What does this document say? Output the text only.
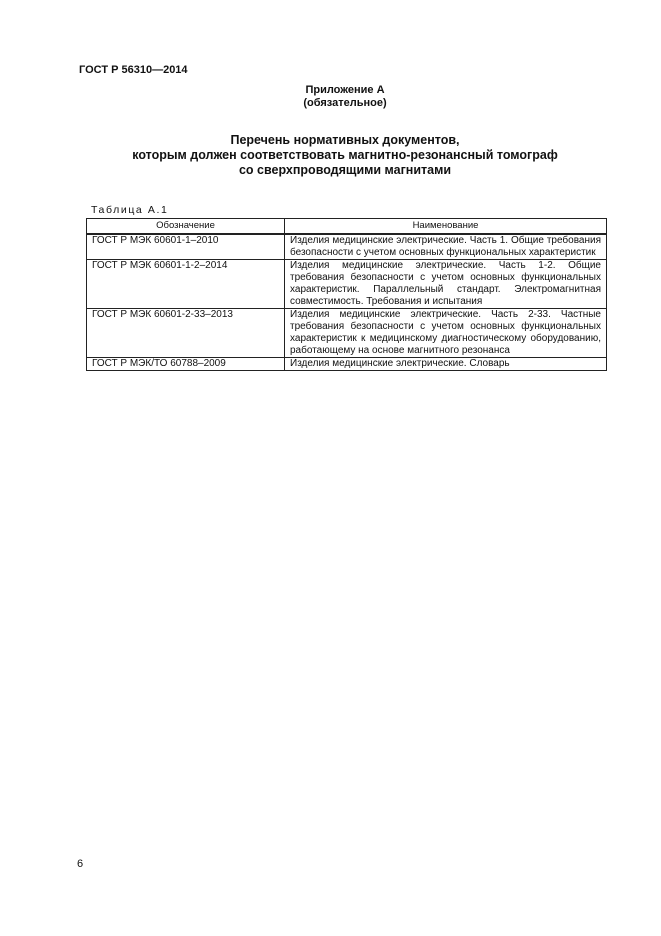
ГОСТ Р 56310—2014
Приложение А
(обязательное)
Перечень нормативных документов,
которым должен соответствовать магнитно-резонансный томограф
со сверхпроводящими магнитами
Таблица А.1
Обозначение	Наименование
ГОСТ Р МЭК 60601-1–2010	Изделия медицинские электрические. Часть 1. Общие требования безопасности с учетом основных функциональных характеристик
ГОСТ Р МЭК 60601-1-2–2014	Изделия медицинские электрические. Часть 1-2. Общие требования безопасности с учетом основных функциональных характеристик. Параллельный стандарт. Электромагнитная совместимость. Требования и испытания
ГОСТ Р МЭК 60601-2-33–2013	Изделия медицинские электрические. Часть 2-33. Частные требования безопасности с учетом основных функциональных характеристик к медицинскому диагностическому оборудованию, работающему на основе магнитного резонанса
ГОСТ Р МЭК/ТО 60788–2009	Изделия медицинские электрические. Словарь
6
